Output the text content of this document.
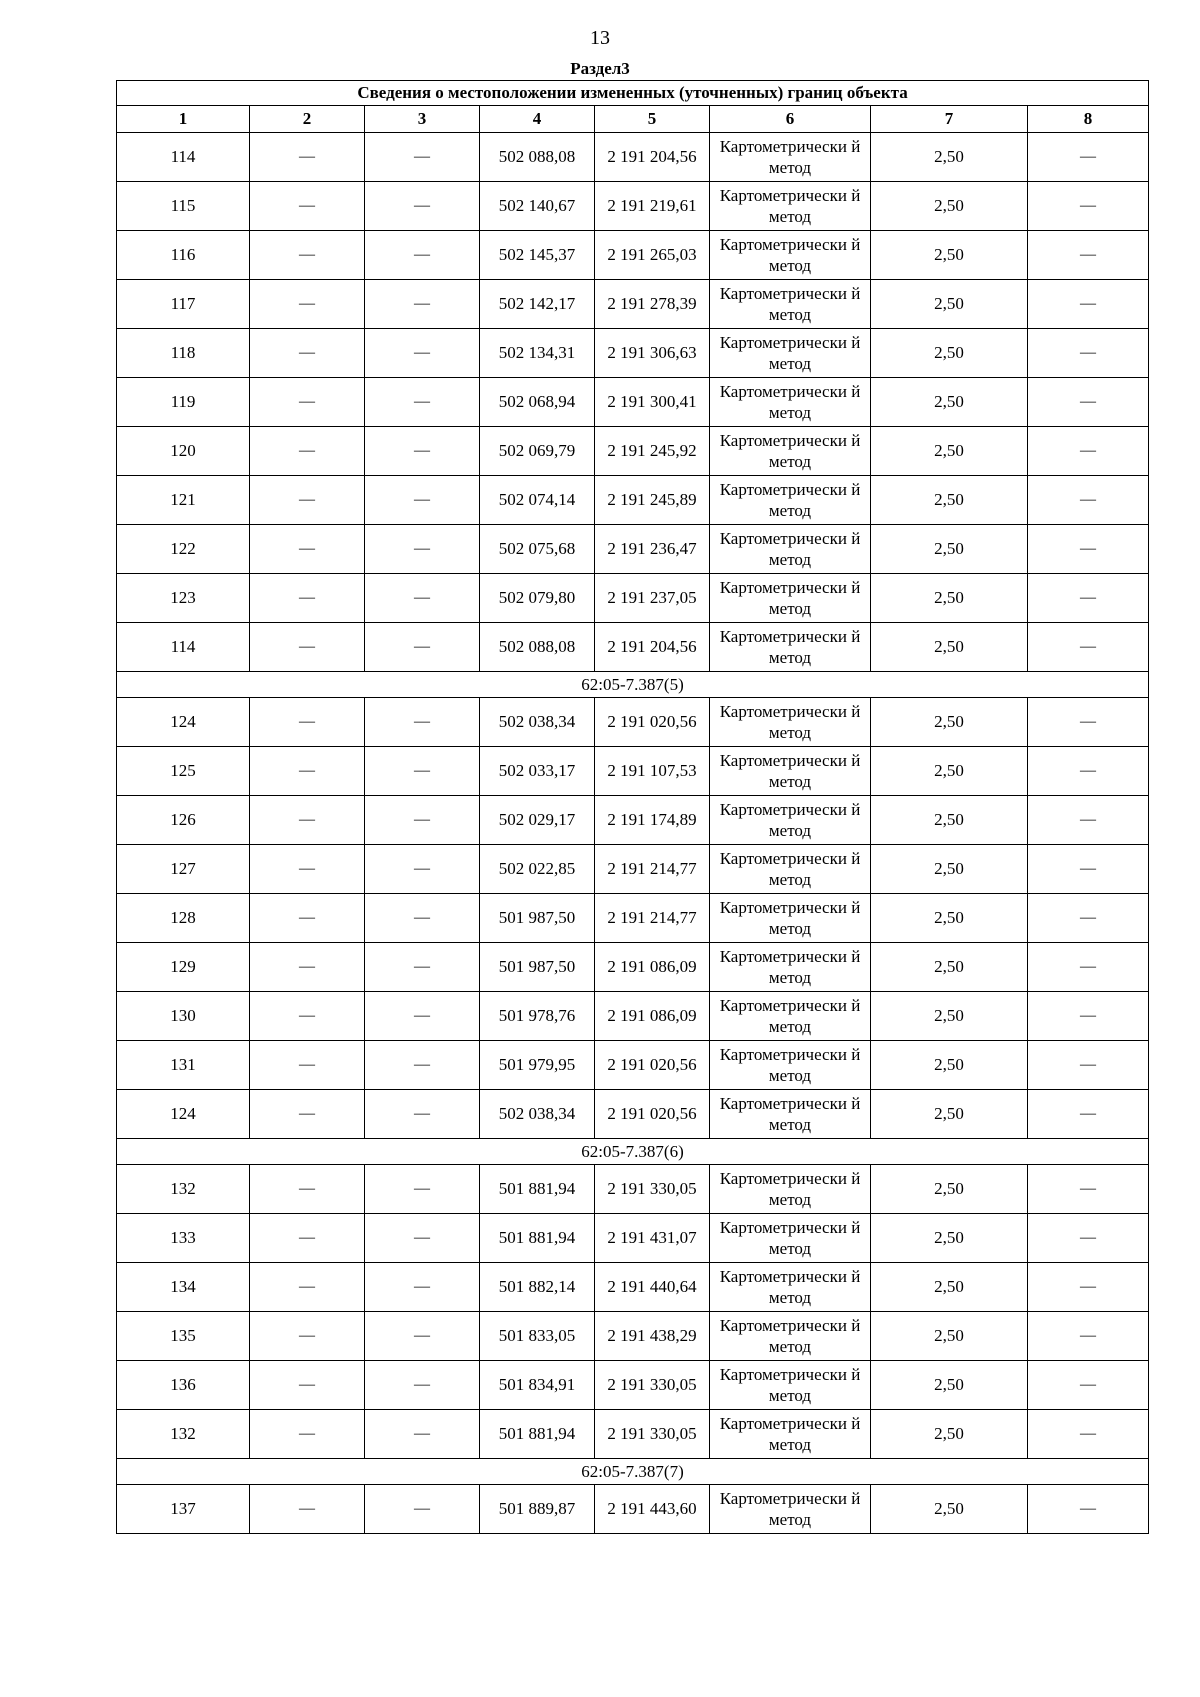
13
Раздел3
Сведения о местоположении измененных (уточненных) границ объекта							
1	2	3	4	5	6	7	8
114	—	—	502 088,08	2 191 204,56	Картометрически й метод	2,50	—
115	—	—	502 140,67	2 191 219,61	Картометрически й метод	2,50	—
116	—	—	502 145,37	2 191 265,03	Картометрически й метод	2,50	—
117	—	—	502 142,17	2 191 278,39	Картометрически й метод	2,50	—
118	—	—	502 134,31	2 191 306,63	Картометрически й метод	2,50	—
119	—	—	502 068,94	2 191 300,41	Картометрически й метод	2,50	—
120	—	—	502 069,79	2 191 245,92	Картометрически й метод	2,50	—
121	—	—	502 074,14	2 191 245,89	Картометрически й метод	2,50	—
122	—	—	502 075,68	2 191 236,47	Картометрически й метод	2,50	—
123	—	—	502 079,80	2 191 237,05	Картометрически й метод	2,50	—
114	—	—	502 088,08	2 191 204,56	Картометрически й метод	2,50	—
62:05-7.387(5)							
124	—	—	502 038,34	2 191 020,56	Картометрически й метод	2,50	—
125	—	—	502 033,17	2 191 107,53	Картометрически й метод	2,50	—
126	—	—	502 029,17	2 191 174,89	Картометрически й метод	2,50	—
127	—	—	502 022,85	2 191 214,77	Картометрически й метод	2,50	—
128	—	—	501 987,50	2 191 214,77	Картометрически й метод	2,50	—
129	—	—	501 987,50	2 191 086,09	Картометрически й метод	2,50	—
130	—	—	501 978,76	2 191 086,09	Картометрически й метод	2,50	—
131	—	—	501 979,95	2 191 020,56	Картометрически й метод	2,50	—
124	—	—	502 038,34	2 191 020,56	Картометрически й метод	2,50	—
62:05-7.387(6)							
132	—	—	501 881,94	2 191 330,05	Картометрически й метод	2,50	—
133	—	—	501 881,94	2 191 431,07	Картометрически й метод	2,50	—
134	—	—	501 882,14	2 191 440,64	Картометрически й метод	2,50	—
135	—	—	501 833,05	2 191 438,29	Картометрически й метод	2,50	—
136	—	—	501 834,91	2 191 330,05	Картометрически й метод	2,50	—
132	—	—	501 881,94	2 191 330,05	Картометрически й метод	2,50	—
62:05-7.387(7)							
137	—	—	501 889,87	2 191 443,60	Картометрически й метод	2,50	—
